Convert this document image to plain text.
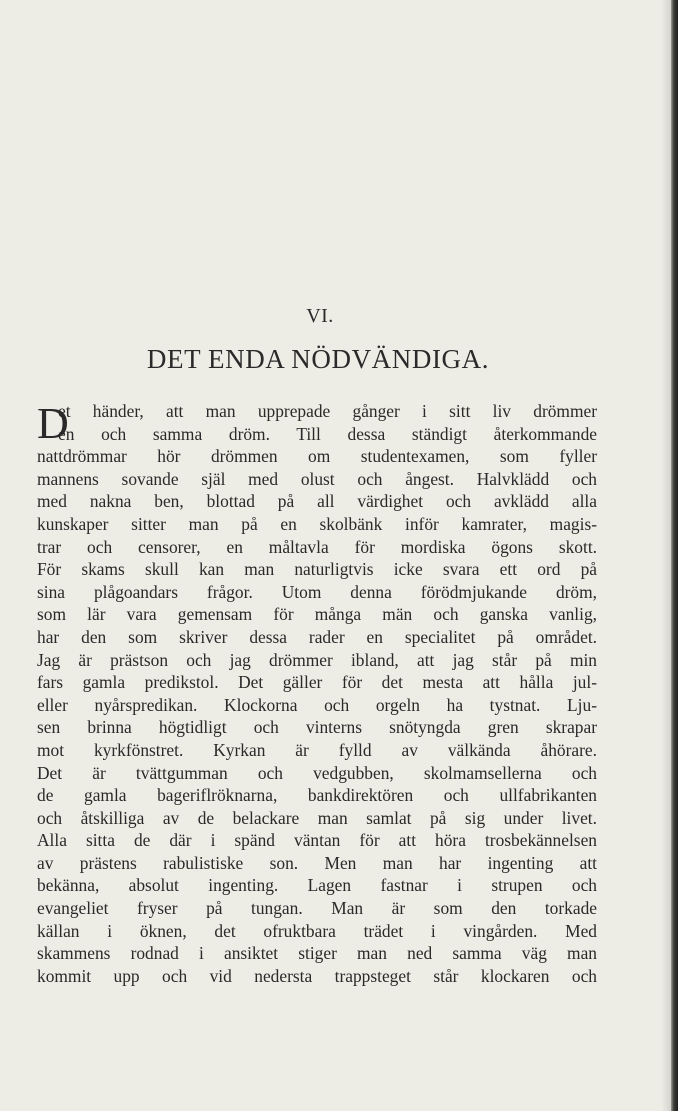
VI.
DET ENDA NÖDVÄNDIGA.
D
et händer, att man upprepade gånger i sitt liv drömmer
en och samma dröm. Till dessa ständigt återkommande
nattdrömmar hör drömmen om studentexamen, som fyller
mannens sovande själ med olust och ångest. Halvklädd och
med nakna ben, blottad på all värdighet och avklädd alla
kunskaper sitter man på en skolbänk inför kamrater, magis-
trar och censorer, en måltavla för mordiska ögons skott.
För skams skull kan man naturligtvis icke svara ett ord på
sina plågoandars frågor. Utom denna förödmjukande dröm,
som lär vara gemensam för många män och ganska vanlig,
har den som skriver dessa rader en specialitet på området.
Jag är prästson och jag drömmer ibland, att jag står på min
fars gamla predikstol. Det gäller för det mesta att hålla jul-
eller nyårspredikan. Klockorna och orgeln ha tystnat. Lju-
sen brinna högtidligt och vinterns snötyngda gren skrapar
mot kyrkfönstret. Kyrkan är fylld av välkända åhörare.
Det är tvättgumman och vedgubben, skolmamsellerna och
de gamla bageriflröknarna, bankdirektören och ullfabrikanten
och åtskilliga av de belackare man samlat på sig under livet.
Alla sitta de där i spänd väntan för att höra trosbekännelsen
av prästens rabulistiske son. Men man har ingenting att
bekänna, absolut ingenting. Lagen fastnar i strupen och
evangeliet fryser på tungan. Man är som den torkade
källan i öknen, det ofruktbara trädet i vingården. Med
skammens rodnad i ansiktet stiger man ned samma väg man
kommit upp och vid nedersta trappsteget står klockaren och
